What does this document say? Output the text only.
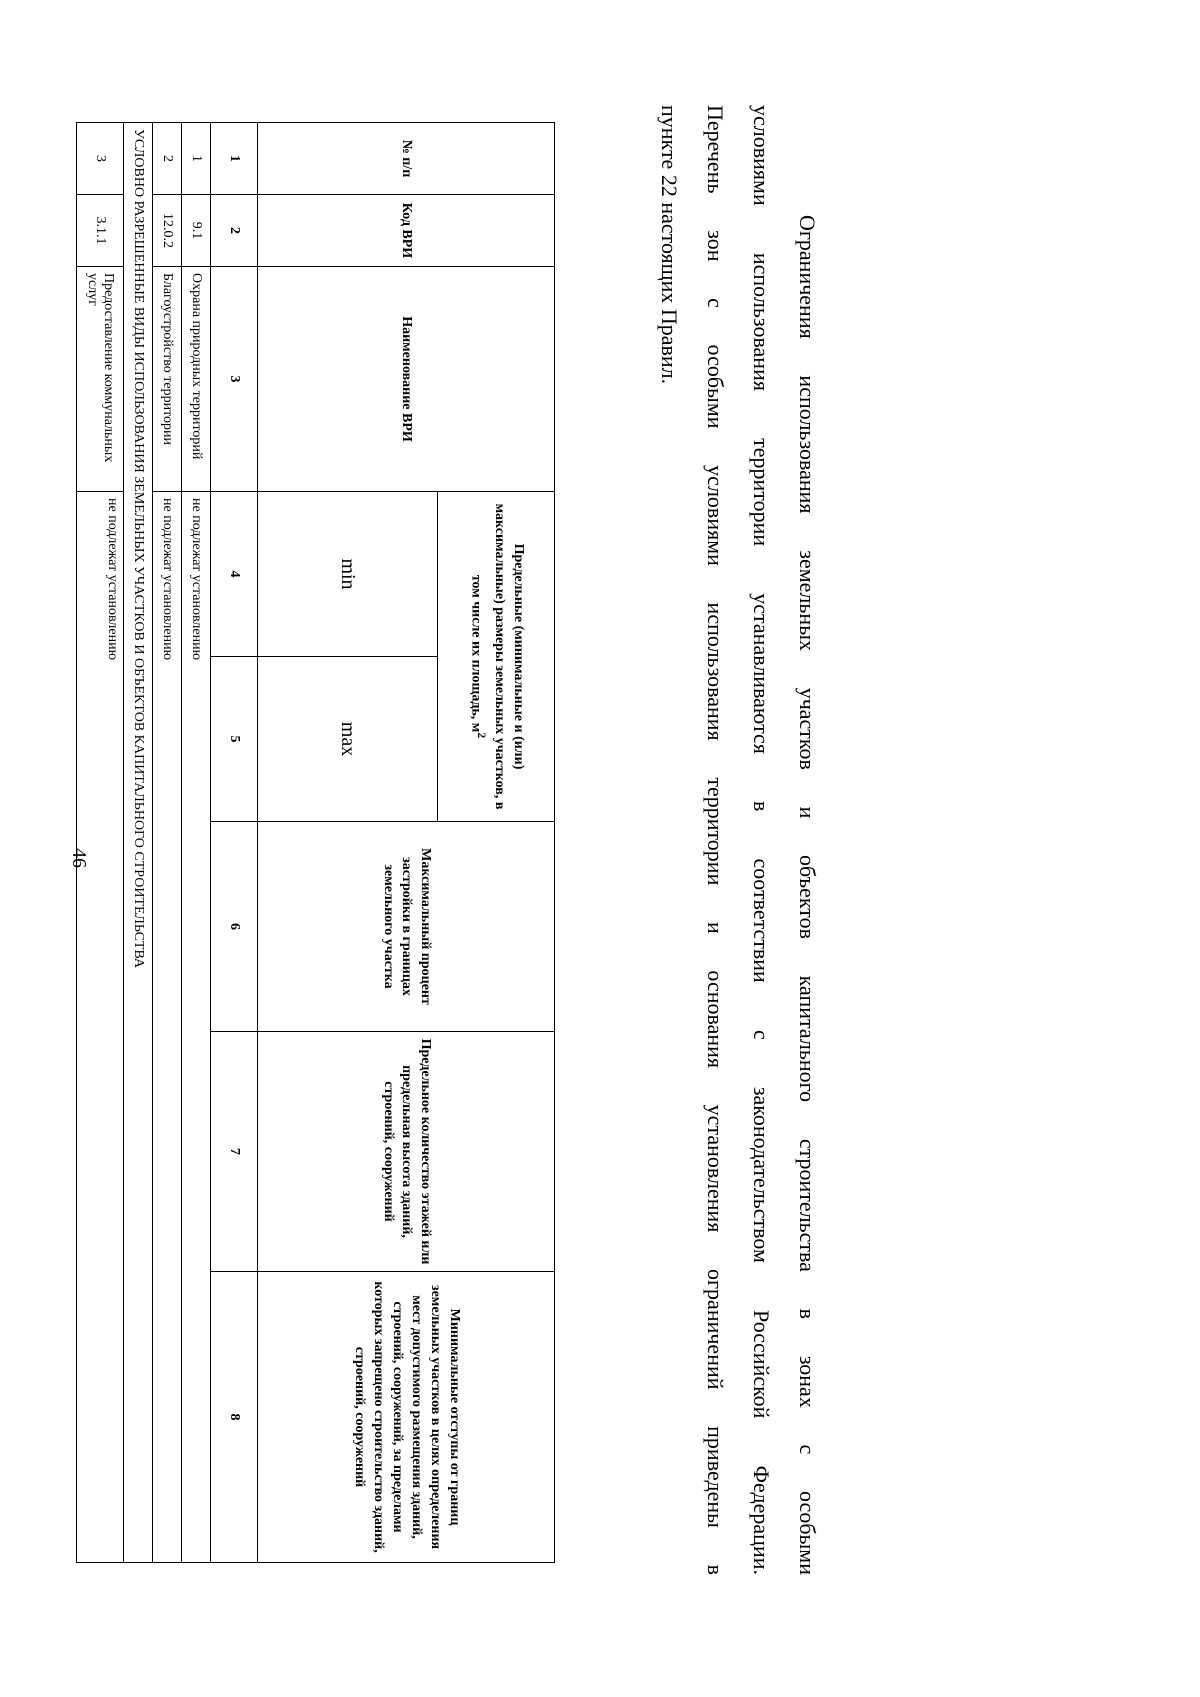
46
№ п/п	Код ВРИ	Наименование ВРИ	Предельные (минимальные и (или) максимальные) размеры земельных участков, в том числе их площадь, $м^2$		Максимальный процент застройки в границах земельного участка	Предельное количество этажей или предельная высота зданий, строений, сооружений	Минимальные отступы от границ земельных участков в целях определения мест допустимого размещения зданий, строений, сооружений, за пределами которых запрещено строительство зданий, строений, сооружений
			min	max			
1	2	3	4	5	6	7	8
1	9.1	Охрана природных территорий	не подлежат установлению				
2	12.0.2	Благоустройство территории	не подлежат установлению				
УСЛОВНО РАЗРЕШЕННЫЕ ВИДЫ ИСПОЛЬЗОВАНИЯ ЗЕМЕЛЬНЫХ УЧАСТКОВ И ОБЪЕКТОВ КАПИТАЛЬНОГО СТРОИТЕЛЬСТВА							
3	3.1.1	Предоставление коммунальных услуг	не подлежат установлению					Ограничения использования земельных участков и объектов капитального строительства в зонах с особыми
условиями использования территории устанавливаются в соответствии с законодательством Российской Федерации.
Перечень зон с особыми условиями использования территории и основания установления ограничений приведены в
пункте 22 настоящих Правил.
